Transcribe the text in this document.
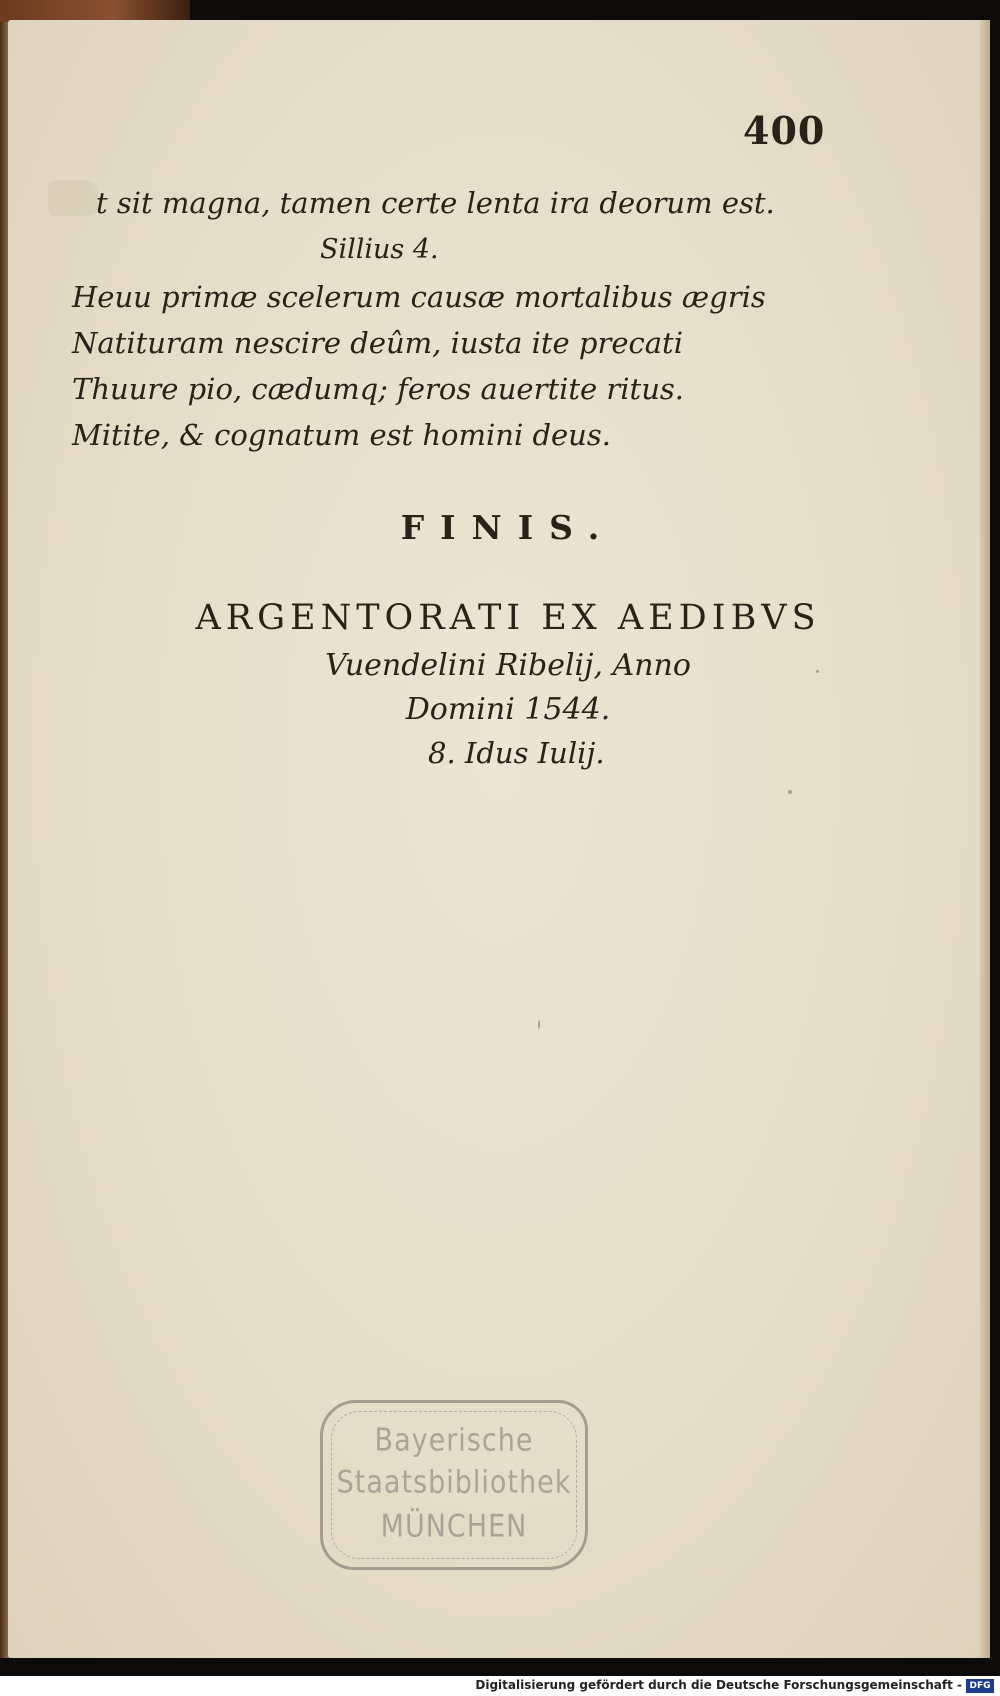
400
t sit magna, tamen certe lenta ira deorum est.
Sillius 4.
Heuu primæ scelerum causæ mortalibus ægris
Natituram nescire deûm, iusta ite precati
Thuure pio, cædumq; feros auertite ritus.
Mitite, & cognatum est homini deus.
FINIS.
ARGENTORATI EX AEDIBVS
Vuendelini Ribelij, Anno
Domini 1544.
8. Idus Iulij.
Bayerische
Staatsbibliothek
MÜNCHEN
Digitalisierung gefördert durch die Deutsche Forschungsgemeinschaft - DFG
